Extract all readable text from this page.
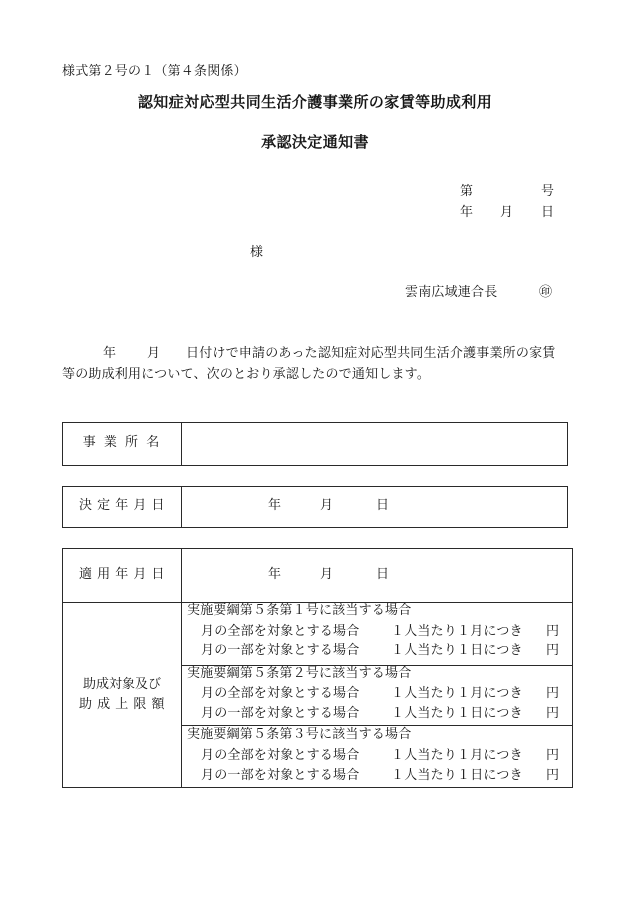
様式第２号の１（第４条関係）
認知症対応型共同生活介護事業所の家賃等助成利用
承認決定通知書
第	号
年 月 日
様
雲南広域連合長	㊞
年 月 日付けで申請のあった認知症対応型共同生活介護事業所の家賃
等の助成利用について、次のとおり承認したので通知します。
事 業 所 名
決 定 年 月 日	年	月	日
適 用 年 月 日	年	月	日
助成対象及び
助 成 上 限 額
実施要綱第５条第１号に該当する場合
月の全部を対象とする場合 １人当たり１月につき 円
月の一部を対象とする場合 １人当たり１日につき 円
実施要綱第５条第２号に該当する場合
月の全部を対象とする場合 １人当たり１月につき 円
月の一部を対象とする場合 １人当たり１日につき 円
実施要綱第５条第３号に該当する場合
月の全部を対象とする場合 １人当たり１月につき 円
月の一部を対象とする場合 １人当たり１日につき 円
